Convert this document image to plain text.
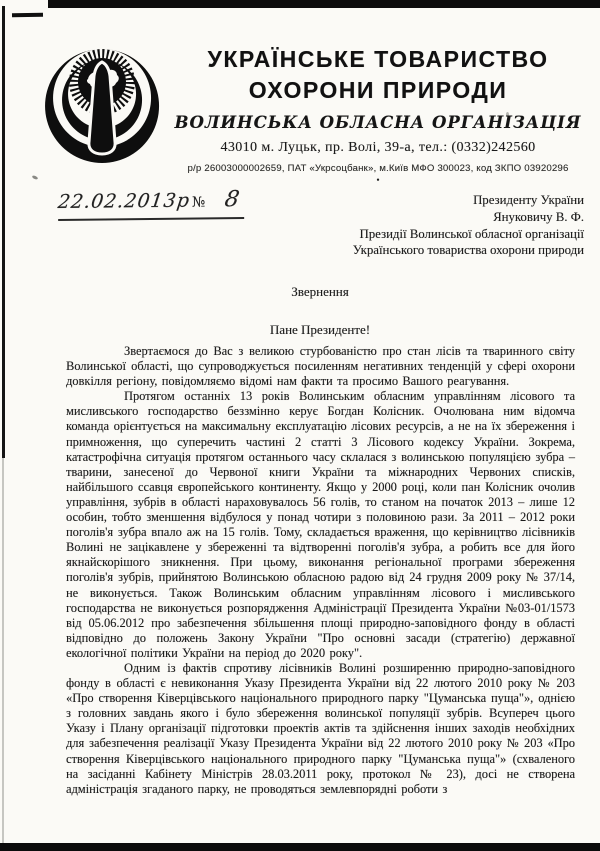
УКРАЇНСЬКЕ ТОВАРИСТВО
ОХОРОНИ ПРИРОДИ
ВОЛИНСЬКА ОБЛАСНА ОРГАНІЗАЦІЯ
43010 м. Луцьк, пр. Волі, 39-а, тел.: (0332)242560
р/р 26003000002659, ПАТ «Укрсоцбанк», м.Київ МФО 300023, код ЗКПО 03920296
•
22.02.2013р№ 8	Президенту України
Януковичу В. Ф.
Президії Волинської обласної організації
Українського товариства охорони природи
Звернення
Пане Президенте!

Звертаємося до Вас з великою стурбованістю про стан лісів та тваринного світу Волинської області, що супроводжується посиленням негативних тенденцій у сфері охорони довкілля регіону, повідомляємо відомі нам факти та просимо Вашого реагування.

Протягом останніх 13 років Волинським обласним управлінням лісового та мисливського господарство беззмінно керує Богдан Колісник. Очолювана ним відомча команда орієнтується на максимальну експлуатацію лісових ресурсів, а не на їх збереження і примноження, що суперечить частині 2 статті 3 Лісового кодексу України. Зокрема, катастрофічна ситуація протягом останнього часу склалася з волинською популяцією зубра – тварини, занесеної до Червоної книги України та міжнародних Червоних списків, найбільшого ссавця європейського континенту. Якщо у 2000 році, коли пан Колісник очолив управління, зубрів в області нараховувалось 56 голів, то станом на початок 2013 – лише 12 особин, тобто зменшення відбулося у понад чотири з половиною рази. За 2011 – 2012 роки поголів'я зубра впало аж на 15 голів. Тому, складається враження, що керівництво лісівників Волині не зацікавлене у збереженні та відтворенні поголів'я зубра, а робить все для його якнайскорішого зникнення. При цьому, виконання регіональної програми збереження поголів'я зубрів, прийнятою Волинською обласною радою від 24 грудня 2009 року № 37/14, не виконується. Також Волинським обласним управлінням лісового і мисливського господарства не виконується розпорядження Адміністрації Президента України №03-01/1573 від 05.06.2012 про забезпечення збільшення площі природно-заповідного фонду в області відповідно до положень Закону України "Про основні засади (стратегію) державної екологічної політики України на період до 2020 року".

Одним із фактів спротиву лісівників Волині розширенню природно-заповідного фонду в області є невиконання Указу Президента України від 22 лютого 2010 року № 203 «Про створення Ківерцівського національного природного парку "Цуманська пуща"», однією з головних завдань якого і було збереження волинської популяції зубрів. Всупереч цього Указу і Плану організації підготовки проектів актів та здійснення інших заходів необхідних для забезпечення реалізації Указу Президента України від 22 лютого 2010 року № 203 «Про створення Ківерцівського національного природного парку "Цуманська пуща"» (схваленого на засіданні Кабінету Міністрів 28.03.2011 року, протокол № 23), досі не створена адміністрація згаданого парку, не проводяться землевпорядні роботи з
